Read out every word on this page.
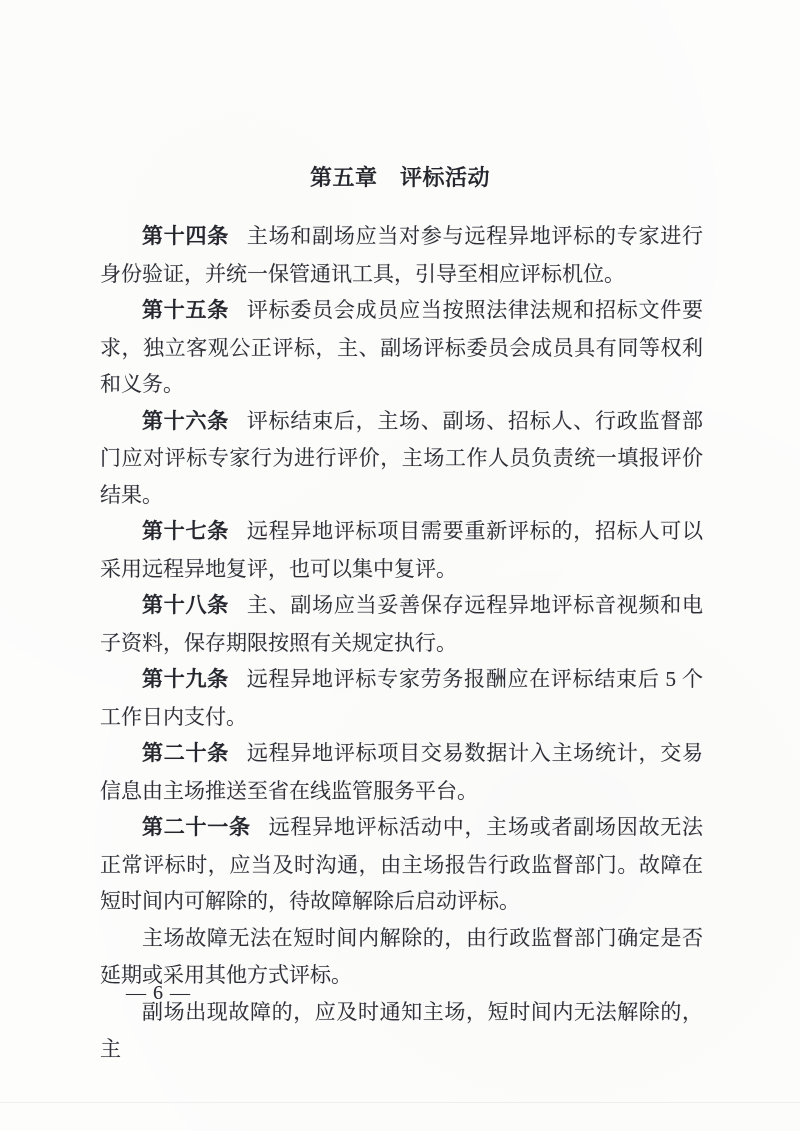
第五章　评标活动

第十四条 主场和副场应当对参与远程异地评标的专家进行身份验证，并统一保管通讯工具，引导至相应评标机位。

第十五条 评标委员会成员应当按照法律法规和招标文件要求，独立客观公正评标，主、副场评标委员会成员具有同等权利和义务。

第十六条 评标结束后，主场、副场、招标人、行政监督部门应对评标专家行为进行评价，主场工作人员负责统一填报评价结果。

第十七条 远程异地评标项目需要重新评标的，招标人可以采用远程异地复评，也可以集中复评。

第十八条 主、副场应当妥善保存远程异地评标音视频和电子资料，保存期限按照有关规定执行。

第十九条 远程异地评标专家劳务报酬应在评标结束后 5 个工作日内支付。

第二十条 远程异地评标项目交易数据计入主场统计，交易信息由主场推送至省在线监管服务平台。

第二十一条 远程异地评标活动中，主场或者副场因故无法正常评标时，应当及时沟通，由主场报告行政监督部门。故障在短时间内可解除的，待故障解除后启动评标。

主场故障无法在短时间内解除的，由行政监督部门确定是否延期或采用其他方式评标。

副场出现故障的，应及时通知主场，短时间内无法解除的，主

— 6 —
